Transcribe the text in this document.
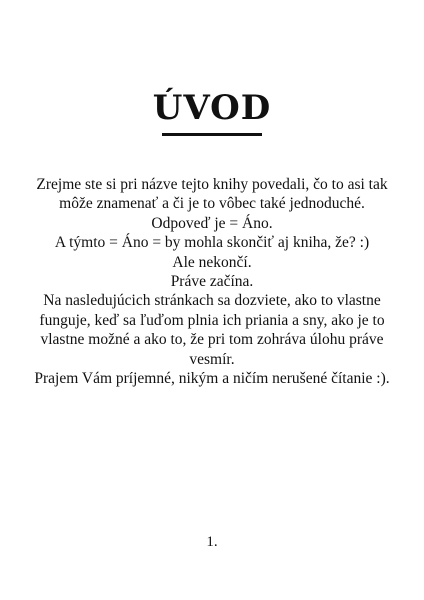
ÚVOD

Zrejme ste si pri názve tejto knihy povedali, čo to asi tak môže znamenať a či je to vôbec také jednoduché.

Odpoveď je = Áno.

A týmto = Áno = by mohla skončiť aj kniha, že? :)

Ale nekončí.

Práve začína.

Na nasledujúcich stránkach sa dozviete, ako to vlastne funguje, keď sa ľuďom plnia ich priania a sny, ako je to vlastne možné a ako to, že pri tom zohráva úlohu práve vesmír.

Prajem Vám príjemné, nikým a ničím nerušené čítanie :).

1.
